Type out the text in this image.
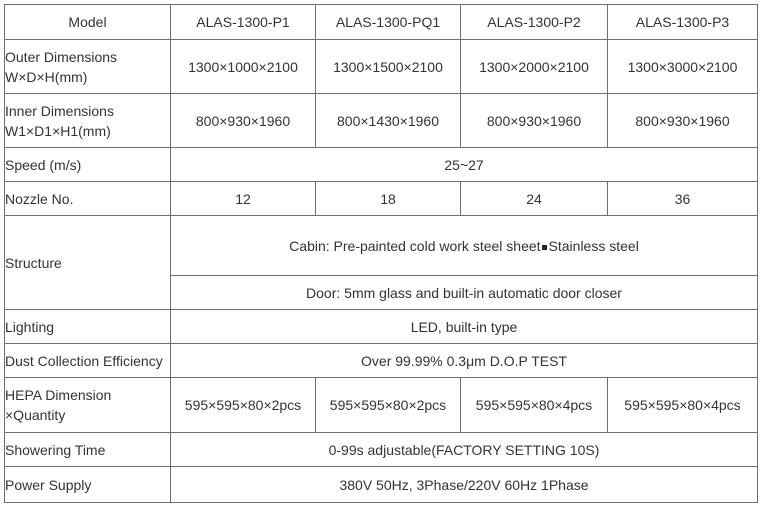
Model	ALAS-1300-P1	ALAS-1300-PQ1	ALAS-1300-P2	ALAS-1300-P3

Outer Dimensions
W×D×H(mm)	1300×1000×2100	1300×1500×2100	1300×2000×2100	1300×3000×2100

Inner Dimensions
W1×D1×H1(mm)	800×930×1960	800×1430×1960	800×930×1960	800×930×1960
Speed (m/s)	25~27			
Nozzle No.	12	18	24	36
Structure	Cabin: Pre-painted cold work steel sheet Stainless steel			
	Door: 5mm glass and built-in automatic door closer			
Lighting	LED, built-in type			
Dust Collection Efficiency	Over 99.99% 0.3μm D.O.P TEST			

HEPA Dimension
×Quantity	595×595×80×2pcs	595×595×80×2pcs	595×595×80×4pcs	595×595×80×4pcs
Showering Time	0-99s adjustable(FACTORY SETTING 10S)			
Power Supply	380V 50Hz, 3Phase/220V 60Hz 1Phase			
